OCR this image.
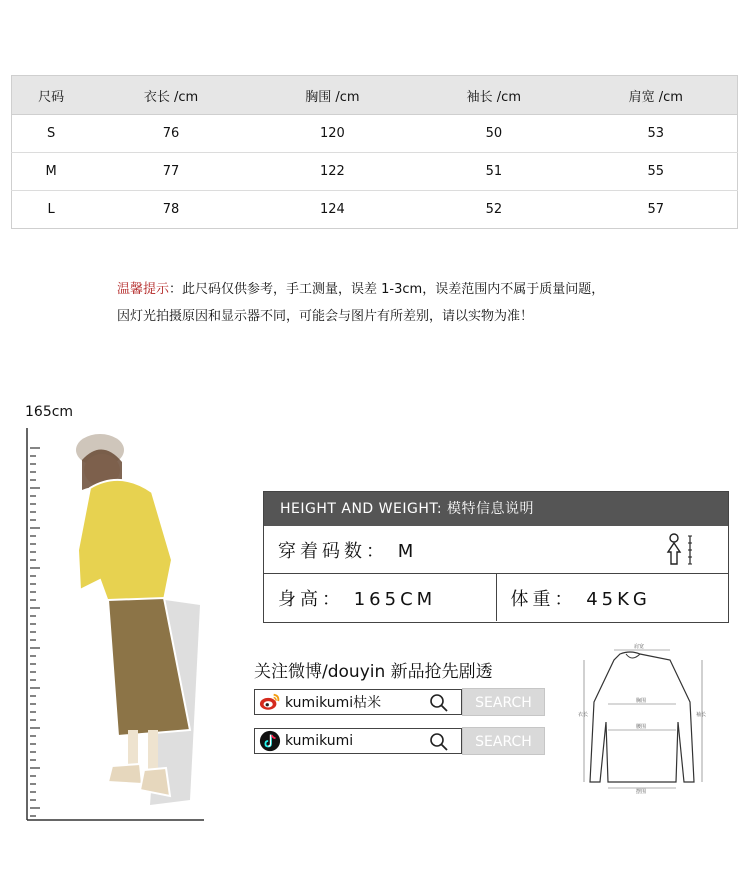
尺码	衣长 /cm	胸围 /cm	袖长 /cm	肩宽 /cm
S	76	120	50	53
M	77	122	51	55
L	78	124	52	57
温馨提示：此尺码仅供参考，手工测量，误差 1-3cm，误差范围内不属于质量问题，
因灯光拍摄原因和显示器不同，可能会与图片有所差别，请以实物为准！
165cm
HEIGHT AND WEIGHT: 模特信息说明
穿着码数： M
身高： 165CM	体重： 45KG
关注微博/douyin 新品抢先剧透
kumikumi枯米	SEARCH
kumikumi	SEARCH
肩宽
胸围
腰围
衣长	袖长
摆围
